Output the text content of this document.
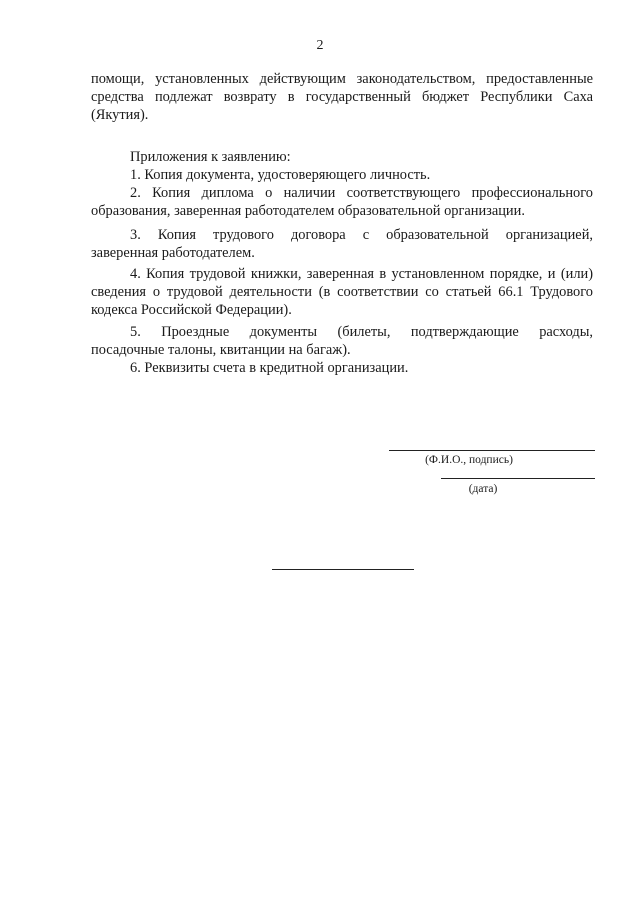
2
помощи, установленных действующим законодательством, предоставленные
средства подлежат возврату в государственный бюджет Республики Саха
(Якутия).
Приложения к заявлению:
1. Копия документа, удостоверяющего личность.
2. Копия диплома о наличии соответствующего профессионального
образования, заверенная работодателем образовательной организации.
3. Копия трудового договора с образовательной организацией,
заверенная работодателем.
4. Копия трудовой книжки, заверенная в установленном порядке, и (или)
сведения о трудовой деятельности (в соответствии со статьей 66.1 Трудового
кодекса Российской Федерации).
5. Проездные документы (билеты, подтверждающие расходы,
посадочные талоны, квитанции на багаж).
6. Реквизиты счета в кредитной организации.
(Ф.И.О., подпись)
(дата)
